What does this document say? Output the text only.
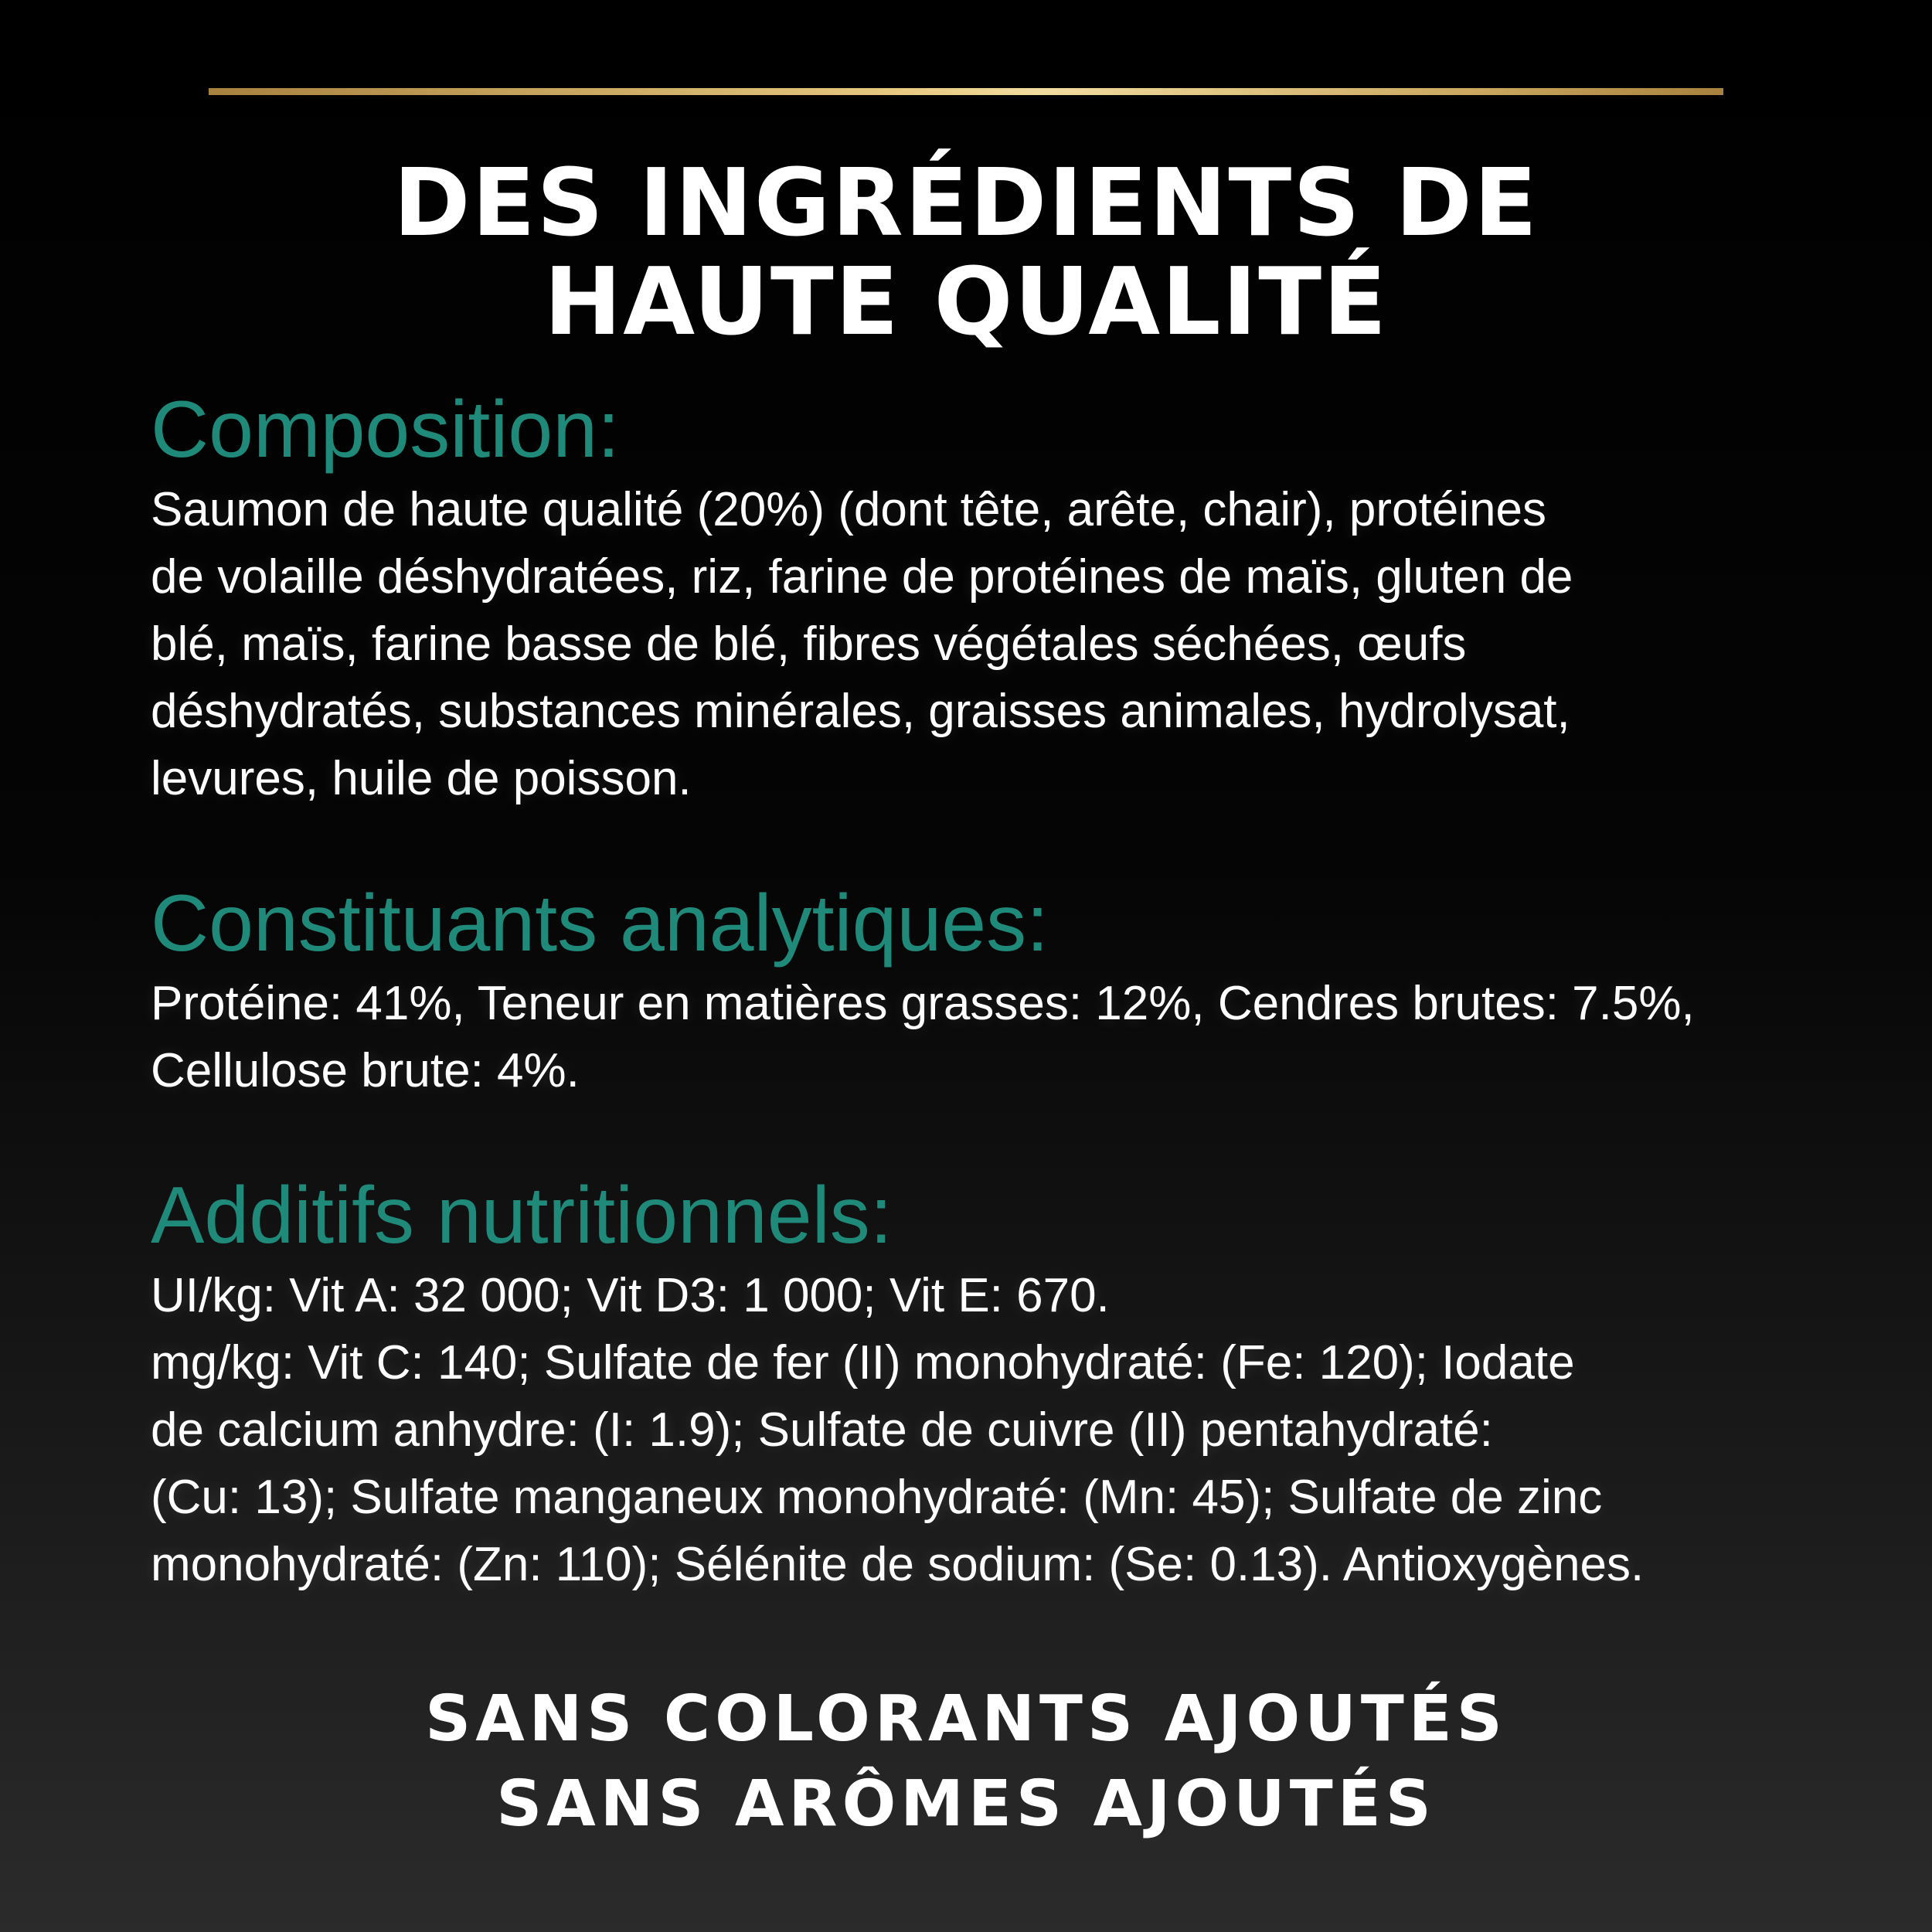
DES INGRÉDIENTS DE
HAUTE QUALITÉ
Composition:

Saumon de haute qualité (20%) (dont tête, arête, chair), protéines
de volaille déshydratées, riz, farine de protéines de maïs, gluten de
blé, maïs, farine basse de blé, fibres végétales séchées, œufs
déshydratés, substances minérales, graisses animales, hydrolysat,
levures, huile de poisson.

Constituants analytiques:

Protéine: 41%, Teneur en matières grasses: 12%, Cendres brutes: 7.5%,
Cellulose brute: 4%.

Additifs nutritionnels:

UI/kg: Vit A: 32 000; Vit D3: 1 000; Vit E: 670.
mg/kg: Vit C: 140; Sulfate de fer (II) monohydraté: (Fe: 120); Iodate
de calcium anhydre: (I: 1.9); Sulfate de cuivre (II) pentahydraté:
(Cu: 13); Sulfate manganeux monohydraté: (Mn: 45); Sulfate de zinc
monohydraté: (Zn: 110); Sélénite de sodium: (Se: 0.13). Antioxygènes.

SANS COLORANTS AJOUTÉS
SANS ARÔMES AJOUTÉS
